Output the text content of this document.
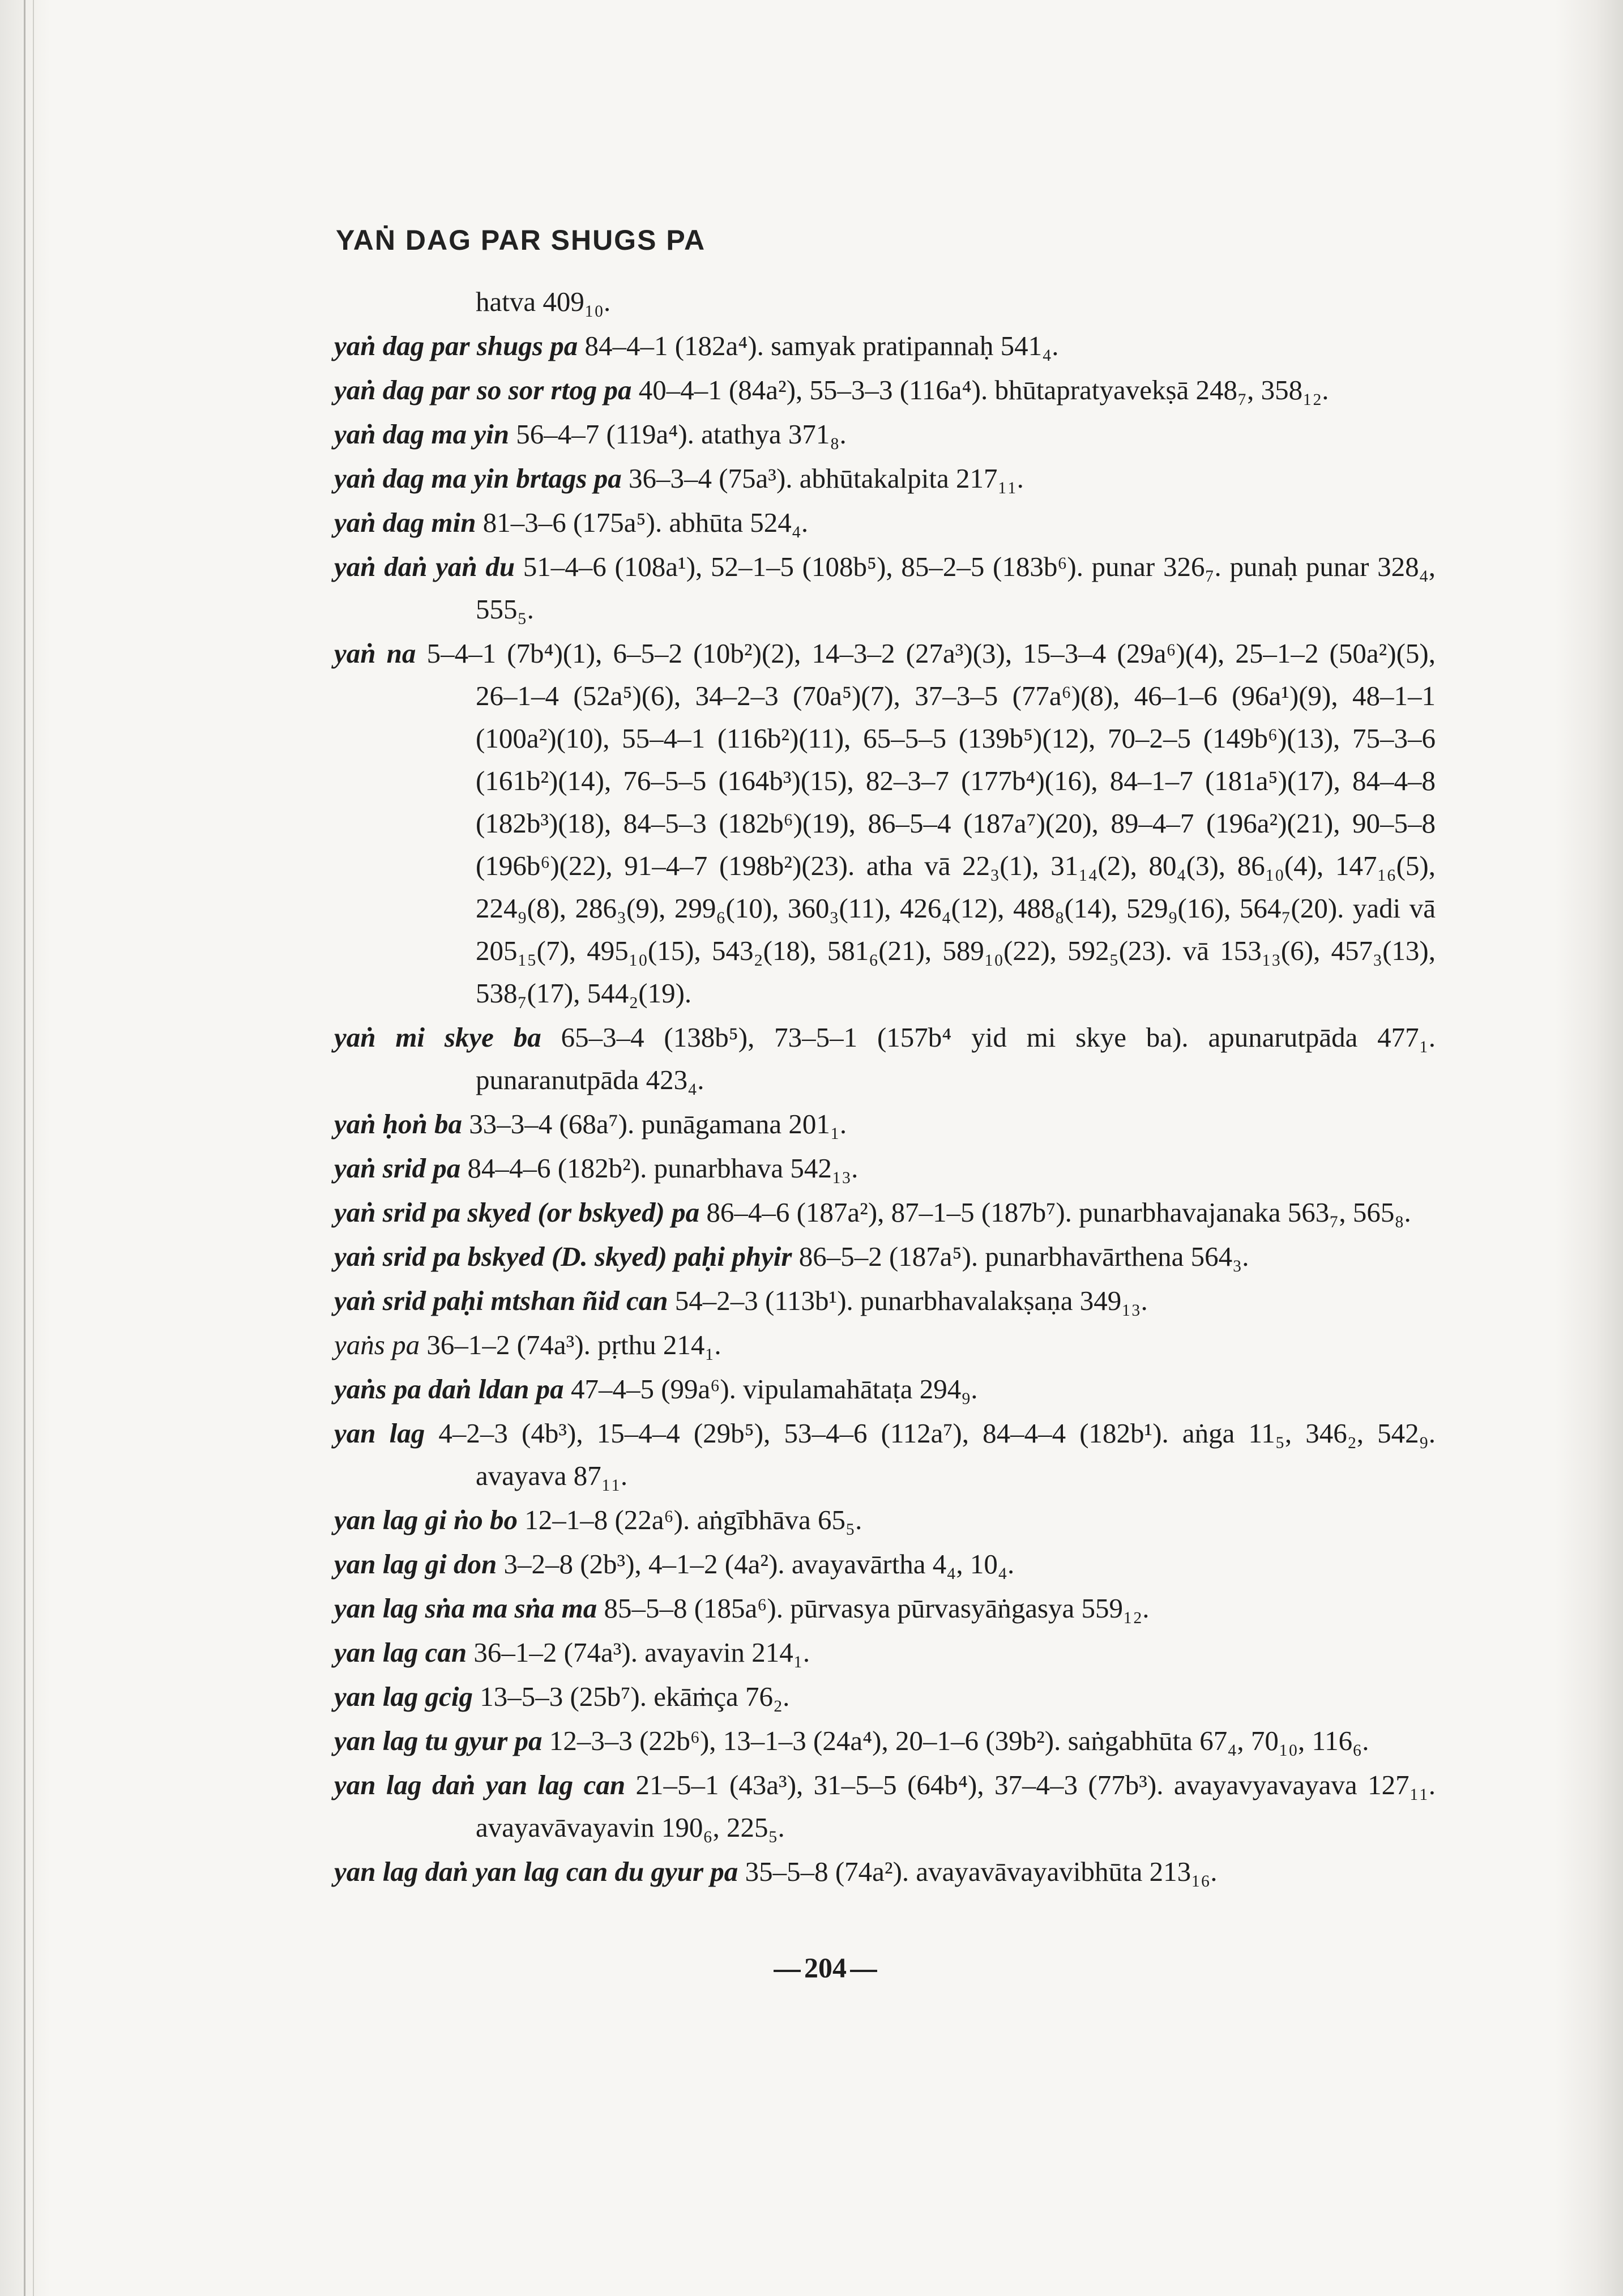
YAṄ DAG PAR SHUGS PA
hatva 409₁₀.
yaṅ dag par shugs pa 84–4–1 (182a⁴). samyak pratipannaḥ 541₄.
yaṅ dag par so sor rtog pa 40–4–1 (84a²), 55–3–3 (116a⁴). bhūtapratyavekṣā 248₇, 358₁₂.
yaṅ dag ma yin 56–4–7 (119a⁴). atathya 371₈.
yaṅ dag ma yin brtags pa 36–3–4 (75a³). abhūtakalpita 217₁₁.
yaṅ dag min 81–3–6 (175a⁵). abhūta 524₄.
yaṅ daṅ yaṅ du 51–4–6 (108a¹), 52–1–5 (108b⁵), 85–2–5 (183b⁶). punar 326₇. punaḥ punar 328₄, 555₅.
yaṅ na 5–4–1 (7b⁴)(1), 6–5–2 (10b²)(2), 14–3–2 (27a³)(3), 15–3–4 (29a⁶)(4), 25–1–2 (50a²)(5), 26–1–4 (52a⁵)(6), 34–2–3 (70a⁵)(7), 37–3–5 (77a⁶)(8), 46–1–6 (96a¹)(9), 48–1–1 (100a²)(10), 55–4–1 (116b²)(11), 65–5–5 (139b⁵)(12), 70–2–5 (149b⁶)(13), 75–3–6 (161b²)(14), 76–5–5 (164b³)(15), 82–3–7 (177b⁴)(16), 84–1–7 (181a⁵)(17), 84–4–8 (182b³)(18), 84–5–3 (182b⁶)(19), 86–5–4 (187a⁷)(20), 89–4–7 (196a²)(21), 90–5–8 (196b⁶)(22), 91–4–7 (198b²)(23). atha vā 22₃(1), 31₁₄(2), 80₄(3), 86₁₀(4), 147₁₆(5), 224₉(8), 286₃(9), 299₆(10), 360₃(11), 426₄(12), 488₈(14), 529₉(16), 564₇(20). yadi vā 205₁₅(7), 495₁₀(15), 543₂(18), 581₆(21), 589₁₀(22), 592₅(23). vā 153₁₃(6), 457₃(13), 538₇(17), 544₂(19).
yaṅ mi skye ba 65–3–4 (138b⁵), 73–5–1 (157b⁴ yid mi skye ba). apunarutpāda 477₁. punaranutpāda 423₄.
yaṅ ḥoṅ ba 33–3–4 (68a⁷). punāgamana 201₁.
yaṅ srid pa 84–4–6 (182b²). punarbhava 542₁₃.
yaṅ srid pa skyed (or bskyed) pa 86–4–6 (187a²), 87–1–5 (187b⁷). punarbhavajanaka 563₇, 565₈.
yaṅ srid pa bskyed (D. skyed) paḥi phyir 86–5–2 (187a⁵). punarbhavārthena 564₃.
yaṅ srid paḥi mtshan ñid can 54–2–3 (113b¹). punarbhavalakṣaṇa 349₁₃.
yaṅs pa 36–1–2 (74a³). pṛthu 214₁.
yaṅs pa daṅ ldan pa 47–4–5 (99a⁶). vipulamahātaṭa 294₉.
yan lag 4–2–3 (4b³), 15–4–4 (29b⁵), 53–4–6 (112a⁷), 84–4–4 (182b¹). aṅga 11₅, 346₂, 542₉. avayava 87₁₁.
yan lag gi ṅo bo 12–1–8 (22a⁶). aṅgībhāva 65₅.
yan lag gi don 3–2–8 (2b³), 4–1–2 (4a²). avayavārtha 4₄, 10₄.
yan lag sṅa ma sṅa ma 85–5–8 (185a⁶). pūrvasya pūrvasyāṅgasya 559₁₂.
yan lag can 36–1–2 (74a³). avayavin 214₁.
yan lag gcig 13–5–3 (25b⁷). ekāṁça 76₂.
yan lag tu gyur pa 12–3–3 (22b⁶), 13–1–3 (24a⁴), 20–1–6 (39b²). saṅgabhūta 67₄, 70₁₀, 116₆.
yan lag daṅ yan lag can 21–5–1 (43a³), 31–5–5 (64b⁴), 37–4–3 (77b³). avayavyavayava 127₁₁. avayavāvayavin 190₆, 225₅.
yan lag daṅ yan lag can du gyur pa 35–5–8 (74a²). avayavāvayavibhūta 213₁₆.
204
